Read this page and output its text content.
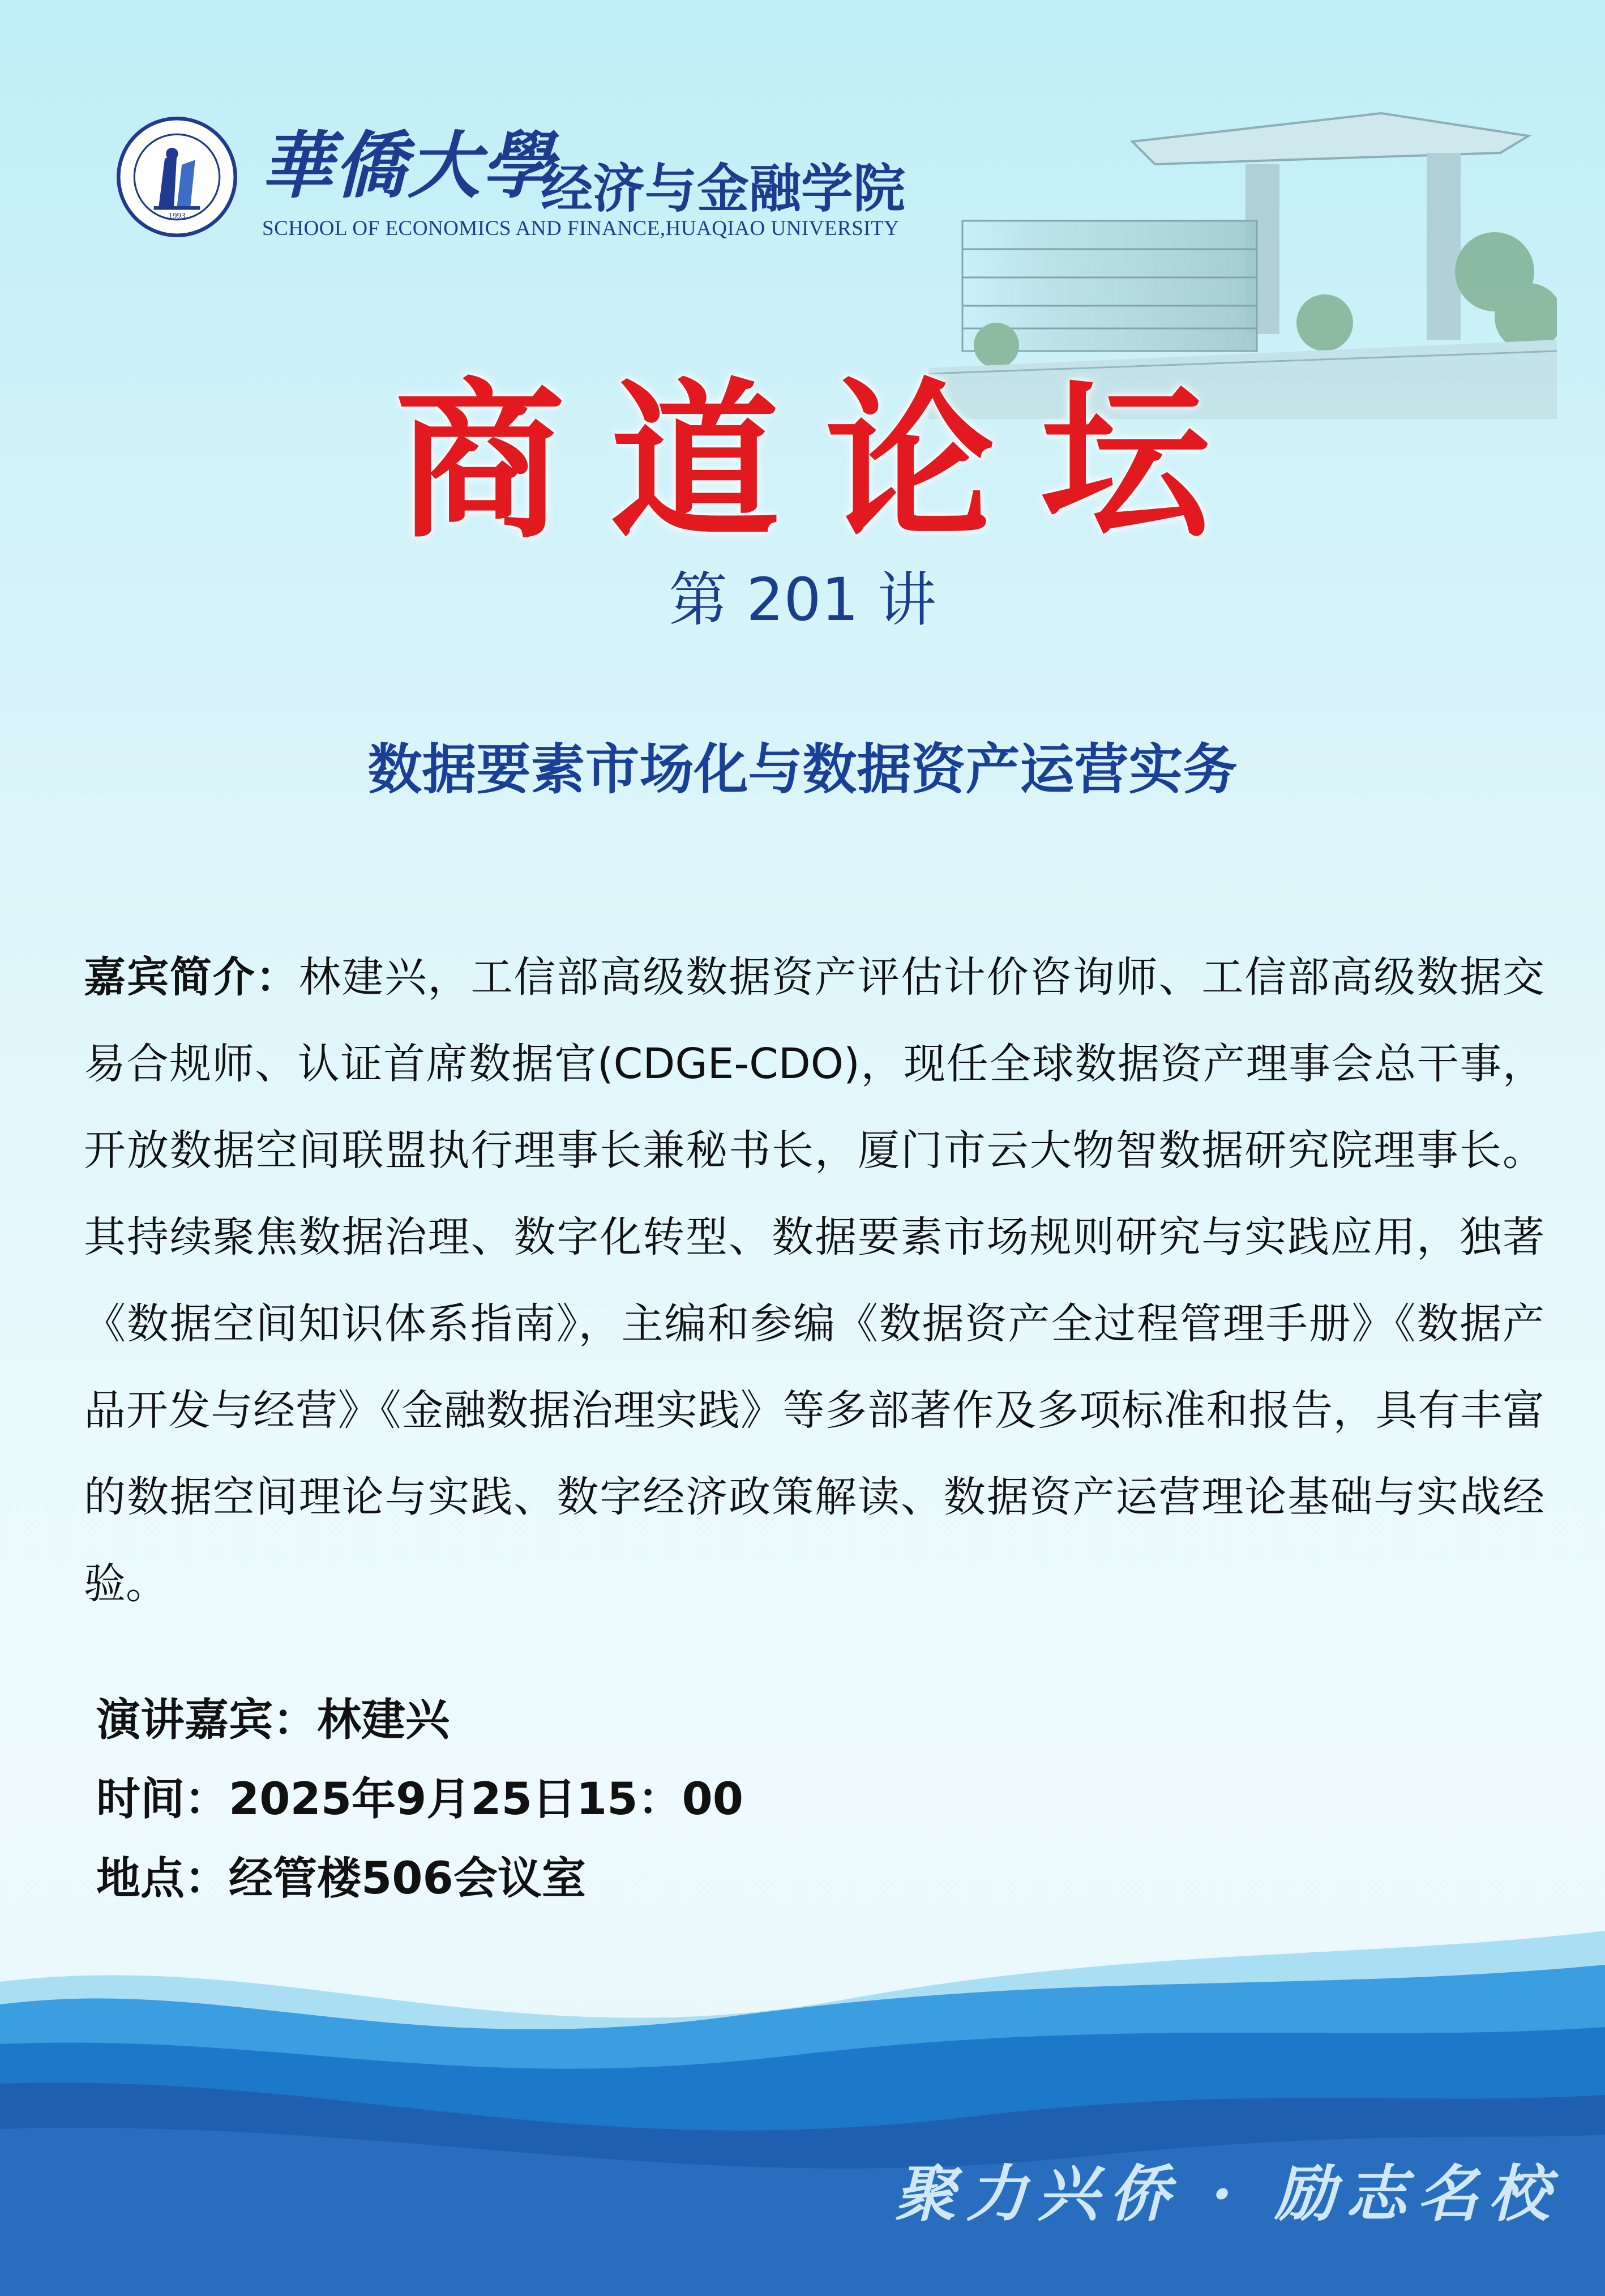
1993
華僑大學
经济与金融学院
SCHOOL OF ECONOMICS AND FINANCE,HUAQIAO UNIVERSITY
商道论坛
第 201 讲
数据要素市场化与数据资产运营实务
嘉宾简介：林建兴，工信部高级数据资产评估计价咨询师、工信部高级数据交易合规师、认证首席数据官(CDGE-CDO)，现任全球数据资产理事会总干事，开放数据空间联盟执行理事长兼秘书长，厦门市云大物智数据研究院理事长。其持续聚焦数据治理、数字化转型、数据要素市场规则研究与实践应用，独著《数据空间知识体系指南》，主编和参编《数据资产全过程管理手册》《数据产品开发与经营》《金融数据治理实践》等多部著作及多项标准和报告，具有丰富的数据空间理论与实践、数字经济政策解读、数据资产运营理论基础与实战经验。
演讲嘉宾：林建兴
时间：2025年9月25日15：00
地点：经管楼506会议室
聚力兴侨 · 励志名校
